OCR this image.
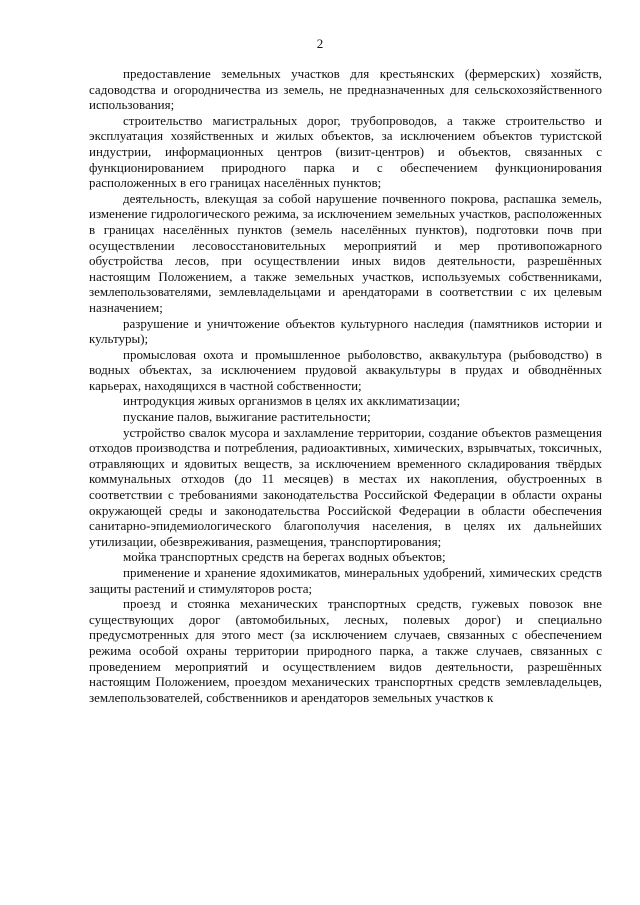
2

предоставление земельных участков для крестьянских (фермерских) хозяйств, садоводства и огородничества из земель, не предназначенных для сельскохозяйственного использования;

строительство магистральных дорог, трубопроводов, а также строительство и эксплуатация хозяйственных и жилых объектов, за исключением объектов туристской индустрии, информационных центров (визит-центров) и объектов, связанных с функционированием природного парка и с обеспечением функционирования расположенных в его границах населённых пунктов;

деятельность, влекущая за собой нарушение почвенного покрова, распашка земель, изменение гидрологического режима, за исключением земельных участков, расположенных в границах населённых пунктов (земель населённых пунктов), подготовки почв при осуществлении лесовосстановительных мероприятий и мер противопожарного обустройства лесов, при осуществлении иных видов деятельности, разрешённых настоящим Положением, а также земельных участков, используемых собственниками, землепользователями, землевладельцами и арендаторами в соответствии с их целевым назначением;

разрушение и уничтожение объектов культурного наследия (памятников истории и культуры);

промысловая охота и промышленное рыболовство, аквакультура (рыбоводство) в водных объектах, за исключением прудовой аквакультуры в прудах и обводнённых карьерах, находящихся в частной собственности;

интродукция живых организмов в целях их акклиматизации;

пускание палов, выжигание растительности;

устройство свалок мусора и захламление территории, создание объектов размещения отходов производства и потребления, радиоактивных, химических, взрывчатых, токсичных, отравляющих и ядовитых веществ, за исключением временного складирования твёрдых коммунальных отходов (до 11 месяцев) в местах их накопления, обустроенных в соответствии с требованиями законодательства Российской Федерации в области охраны окружающей среды и законодательства Российской Федерации в области обеспечения санитарно-эпидемиологического благополучия населения, в целях их дальнейших утилизации, обезвреживания, размещения, транспортирования;

мойка транспортных средств на берегах водных объектов;

применение и хранение ядохимикатов, минеральных удобрений, химических средств защиты растений и стимуляторов роста;

проезд и стоянка механических транспортных средств, гужевых повозок вне существующих дорог (автомобильных, лесных, полевых дорог) и специально предусмотренных для этого мест (за исключением случаев, связанных с обеспечением режима особой охраны территории природного парка, а также случаев, связанных с проведением мероприятий и осуществлением видов деятельности, разрешённых настоящим Положением, проездом механических транспортных средств землевладельцев, землепользователей, собственников и арендаторов земельных участков к
